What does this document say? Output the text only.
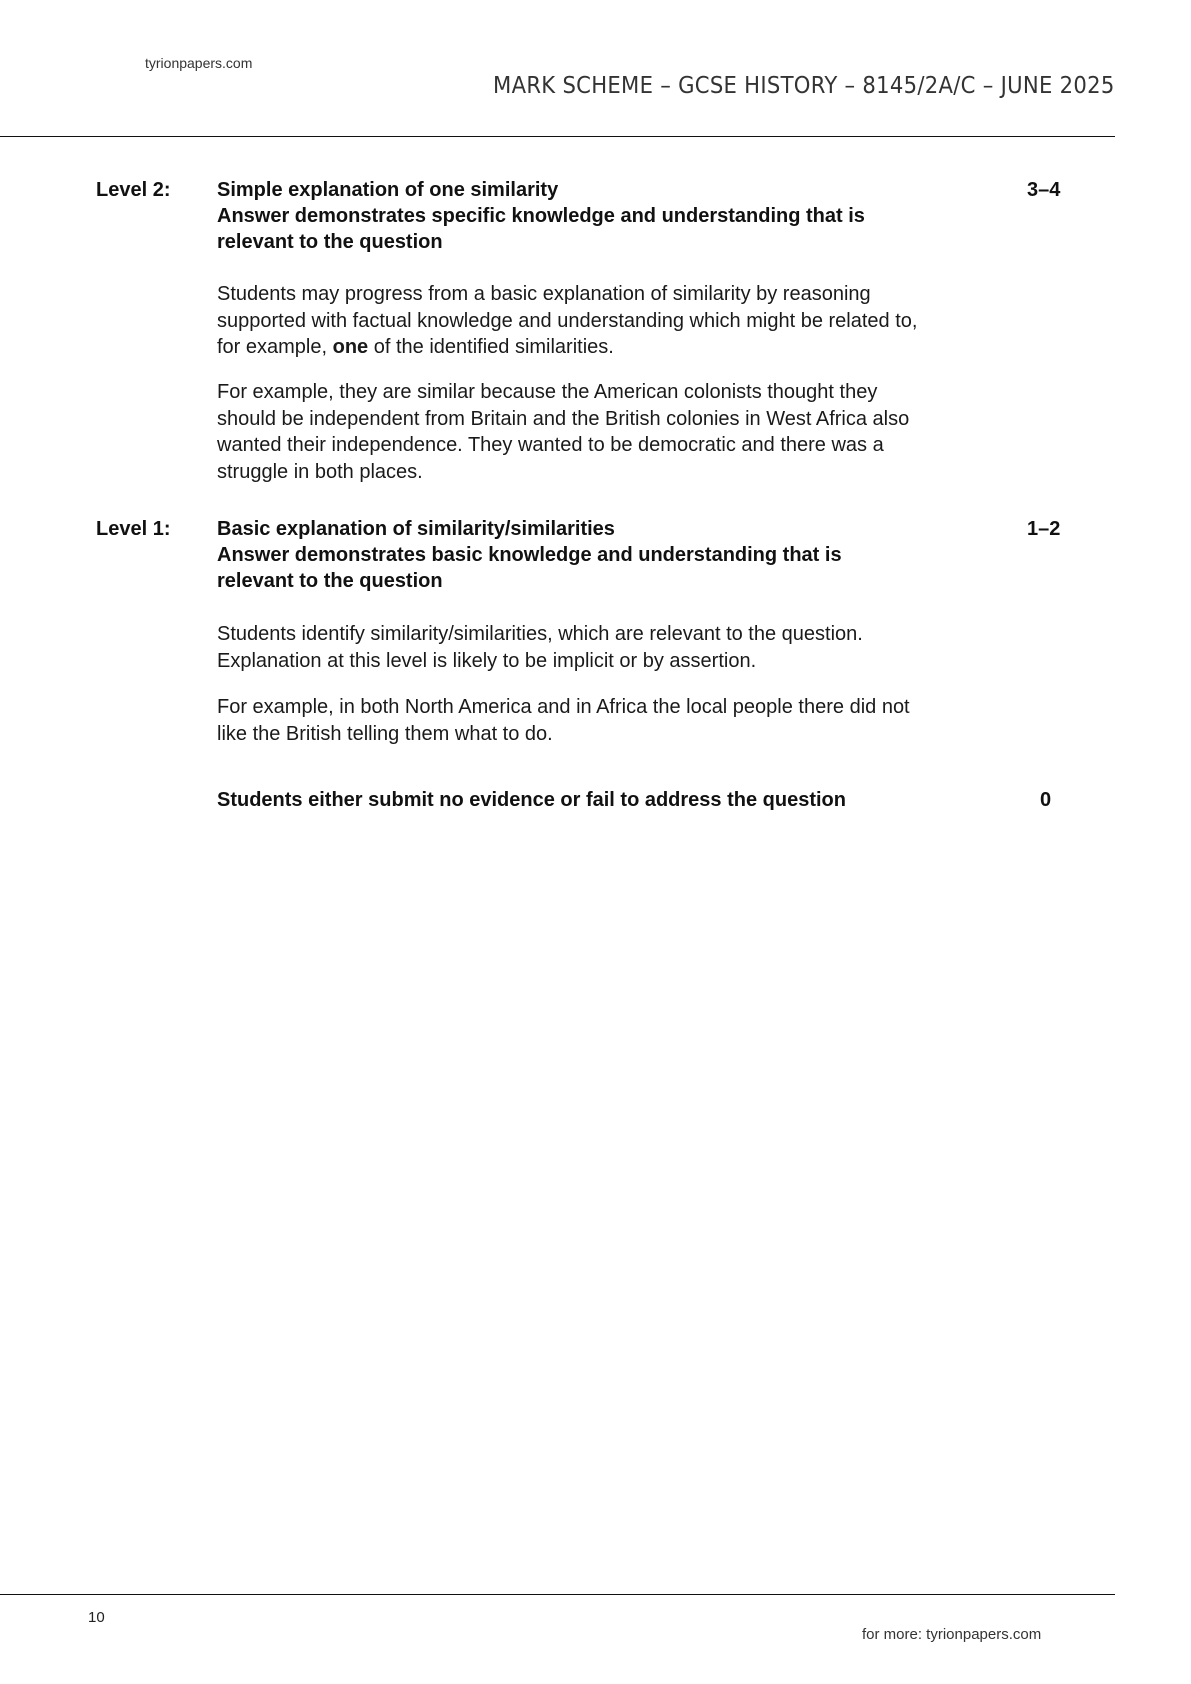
tyrionpapers.com
MARK SCHEME – GCSE HISTORY – 8145/2A/C – JUNE 2025
Level 2: Simple explanation of one similarity
Answer demonstrates specific knowledge and understanding that is
relevant to the question
3–4
Students may progress from a basic explanation of similarity by reasoning
supported with factual knowledge and understanding which might be related to,
for example, one of the identified similarities.
For example, they are similar because the American colonists thought they
should be independent from Britain and the British colonies in West Africa also
wanted their independence. They wanted to be democratic and there was a
struggle in both places.
Level 1: Basic explanation of similarity/similarities
Answer demonstrates basic knowledge and understanding that is
relevant to the question
1–2
Students identify similarity/similarities, which are relevant to the question.
Explanation at this level is likely to be implicit or by assertion.
For example, in both North America and in Africa the local people there did not
like the British telling them what to do.
Students either submit no evidence or fail to address the question	0
10
for more: tyrionpapers.com
